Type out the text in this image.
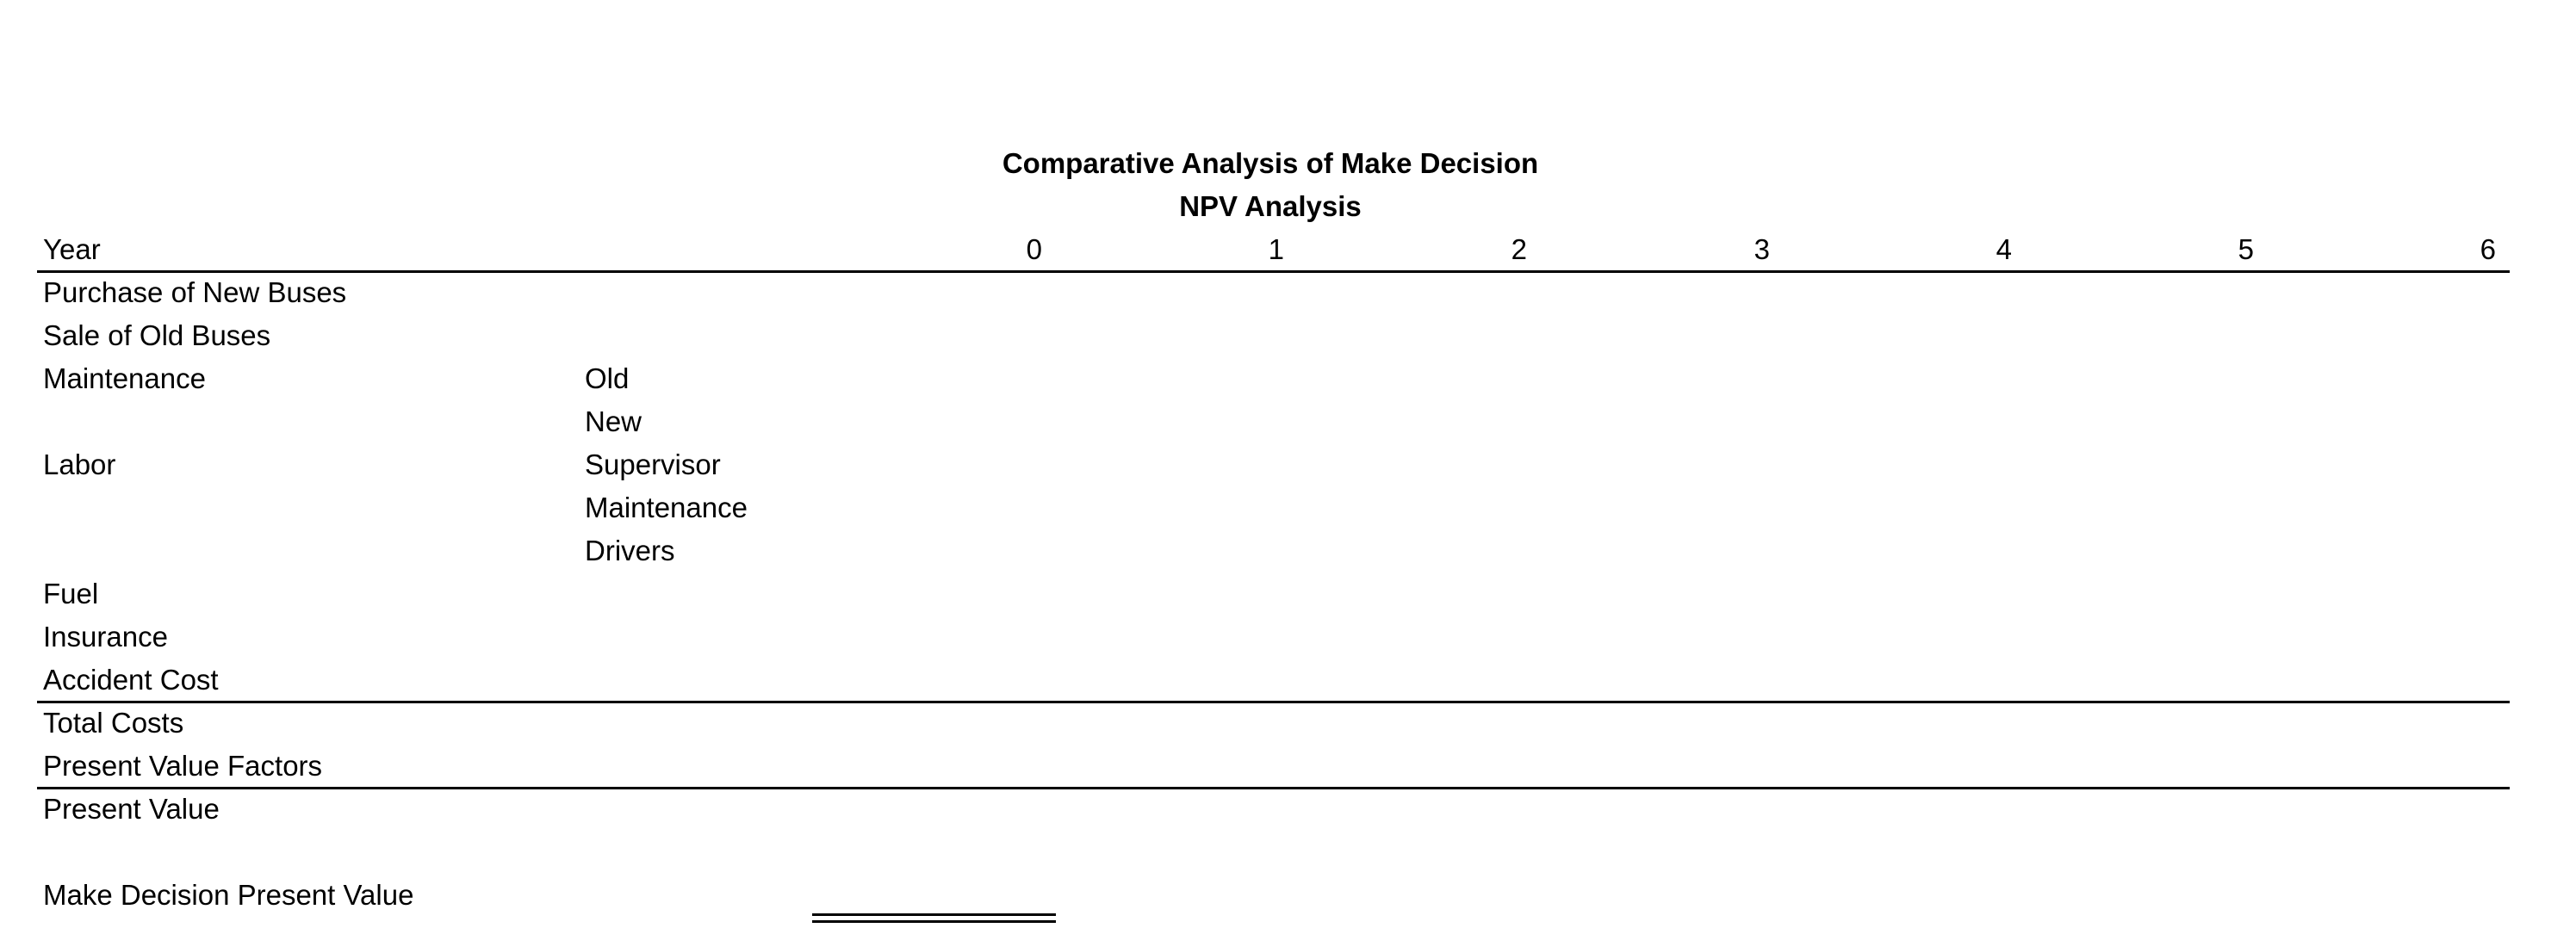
Comparative Analysis of Make Decision
NPV Analysis
Year	0	1	2	3	4	5	6
Purchase of New Buses
Sale of Old Buses
Maintenance	Old
New
Labor	Supervisor
Maintenance
Drivers
Fuel
Insurance
Accident Cost
Total Costs
Present Value Factors
Present Value
Make Decision Present Value
